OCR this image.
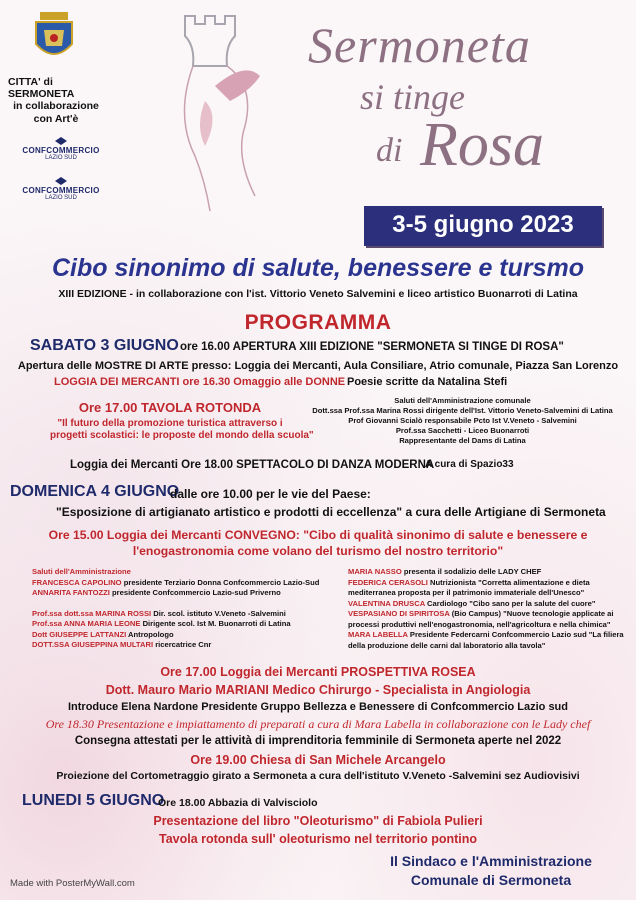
CITTA' di SERMONETA
in collaborazione
con Art'è
CONFCOMMERCIO
LAZIO SUD
CONFCOMMERCIO
LAZIO SUD
Sermoneta
si tinge
di Rosa
3-5 giugno 2023
Cibo sinonimo di salute, benessere e tursmo
XIII EDIZIONE - in collaborazione con l'ist. Vittorio Veneto Salvemini e liceo artistico Buonarroti di Latina
PROGRAMMA
SABATO 3 GIUGNO ore 16.00 APERTURA XIII EDIZIONE "SERMONETA SI TINGE DI ROSA"
Apertura delle MOSTRE DI ARTE presso: Loggia dei Mercanti, Aula Consiliare, Atrio comunale, Piazza San Lorenzo
LOGGIA DEI MERCANTI ore 16.30 Omaggio alle DONNE Poesie scritte da Natalina Stefi
Ore 17.00 TAVOLA ROTONDA
"Il futuro della promozione turistica attraverso i
progetti scolastici: le proposte del mondo della scuola"
Saluti dell'Amministrazione comunale
Dott.ssa Prof.ssa Marina Rossi dirigente dell'Ist. Vittorio Veneto-Salvemini di Latina
Prof Giovanni Scialò responsabile Pcto Ist V.Veneto - Salvemini
Prof.ssa Sacchetti - Liceo Buonarroti
Rappresentante del Dams di Latina
Loggia dei Mercanti Ore 18.00 SPETTACOLO DI DANZA MODERNA
A cura di Spazio33
DOMENICA 4 GIUGNO
dalle ore 10.00 per le vie del Paese:
"Esposizione di artigianato artistico e prodotti di eccellenza" a cura delle Artigiane di Sermoneta
Ore 15.00 Loggia dei Mercanti CONVEGNO: "Cibo di qualità sinonimo di salute e benessere e
l'enogastronomia come volano del turismo del nostro territorio"
Saluti dell'Amministrazione
FRANCESCA CAPOLINO presidente Terziario Donna Confcommercio Lazio-Sud
ANNARITA FANTOZZI presidente Confcommercio Lazio-sud Priverno
Prof.ssa dott.ssa MARINA ROSSI Dir. scol. istituto V.Veneto -Salvemini
Prof.ssa ANNA MARIA LEONE Dirigente scol. Ist M. Buonarroti di Latina
Dott GIUSEPPE LATTANZI Antropologo
DOTT.SSA GIUSEPPINA MULTARI ricercatrice Cnr
MARIA NASSO presenta il sodalizio delle LADY CHEF
FEDERICA CERASOLI Nutrizionista "Corretta alimentazione e dieta
mediterranea proposta per il patrimonio immateriale dell'Unesco"
VALENTINA DRUSCA Cardiologo "Cibo sano per la salute del cuore"
VESPASIANO DI SPIRITOSA (Bio Campus) "Nuove tecnologie applicate ai
processi produttivi nell'enogastronomia, nell'agricoltura e nella chimica"
MARA LABELLA Presidente Federcarni Confcommercio Lazio sud "La filiera
della produzione delle carni dal laboratorio alla tavola"
Ore 17.00 Loggia dei Mercanti PROSPETTIVA ROSEA
Dott. Mauro Mario MARIANI Medico Chirurgo - Specialista in Angiologia
Introduce Elena Nardone Presidente Gruppo Bellezza e Benessere di Confcommercio Lazio sud
Ore 18.30 Presentazione e impiattamento di preparati a cura di Mara Labella in collaborazione con le Lady chef
Consegna attestati per le attività di imprenditoria femminile di Sermoneta aperte nel 2022
Ore 19.00 Chiesa di San Michele Arcangelo
Proiezione del Cortometraggio girato a Sermoneta a cura dell'istituto V.Veneto -Salvemini sez Audiovisivi
LUNEDI 5 GIUGNO
Ore 18.00 Abbazia di Valvisciolo
Presentazione del libro "Oleoturismo" di Fabiola Pulieri
Tavola rotonda sull' oleoturismo nel territorio pontino
Il Sindaco e l'Amministrazione
Comunale di Sermoneta
Made with PosterMyWall.com
